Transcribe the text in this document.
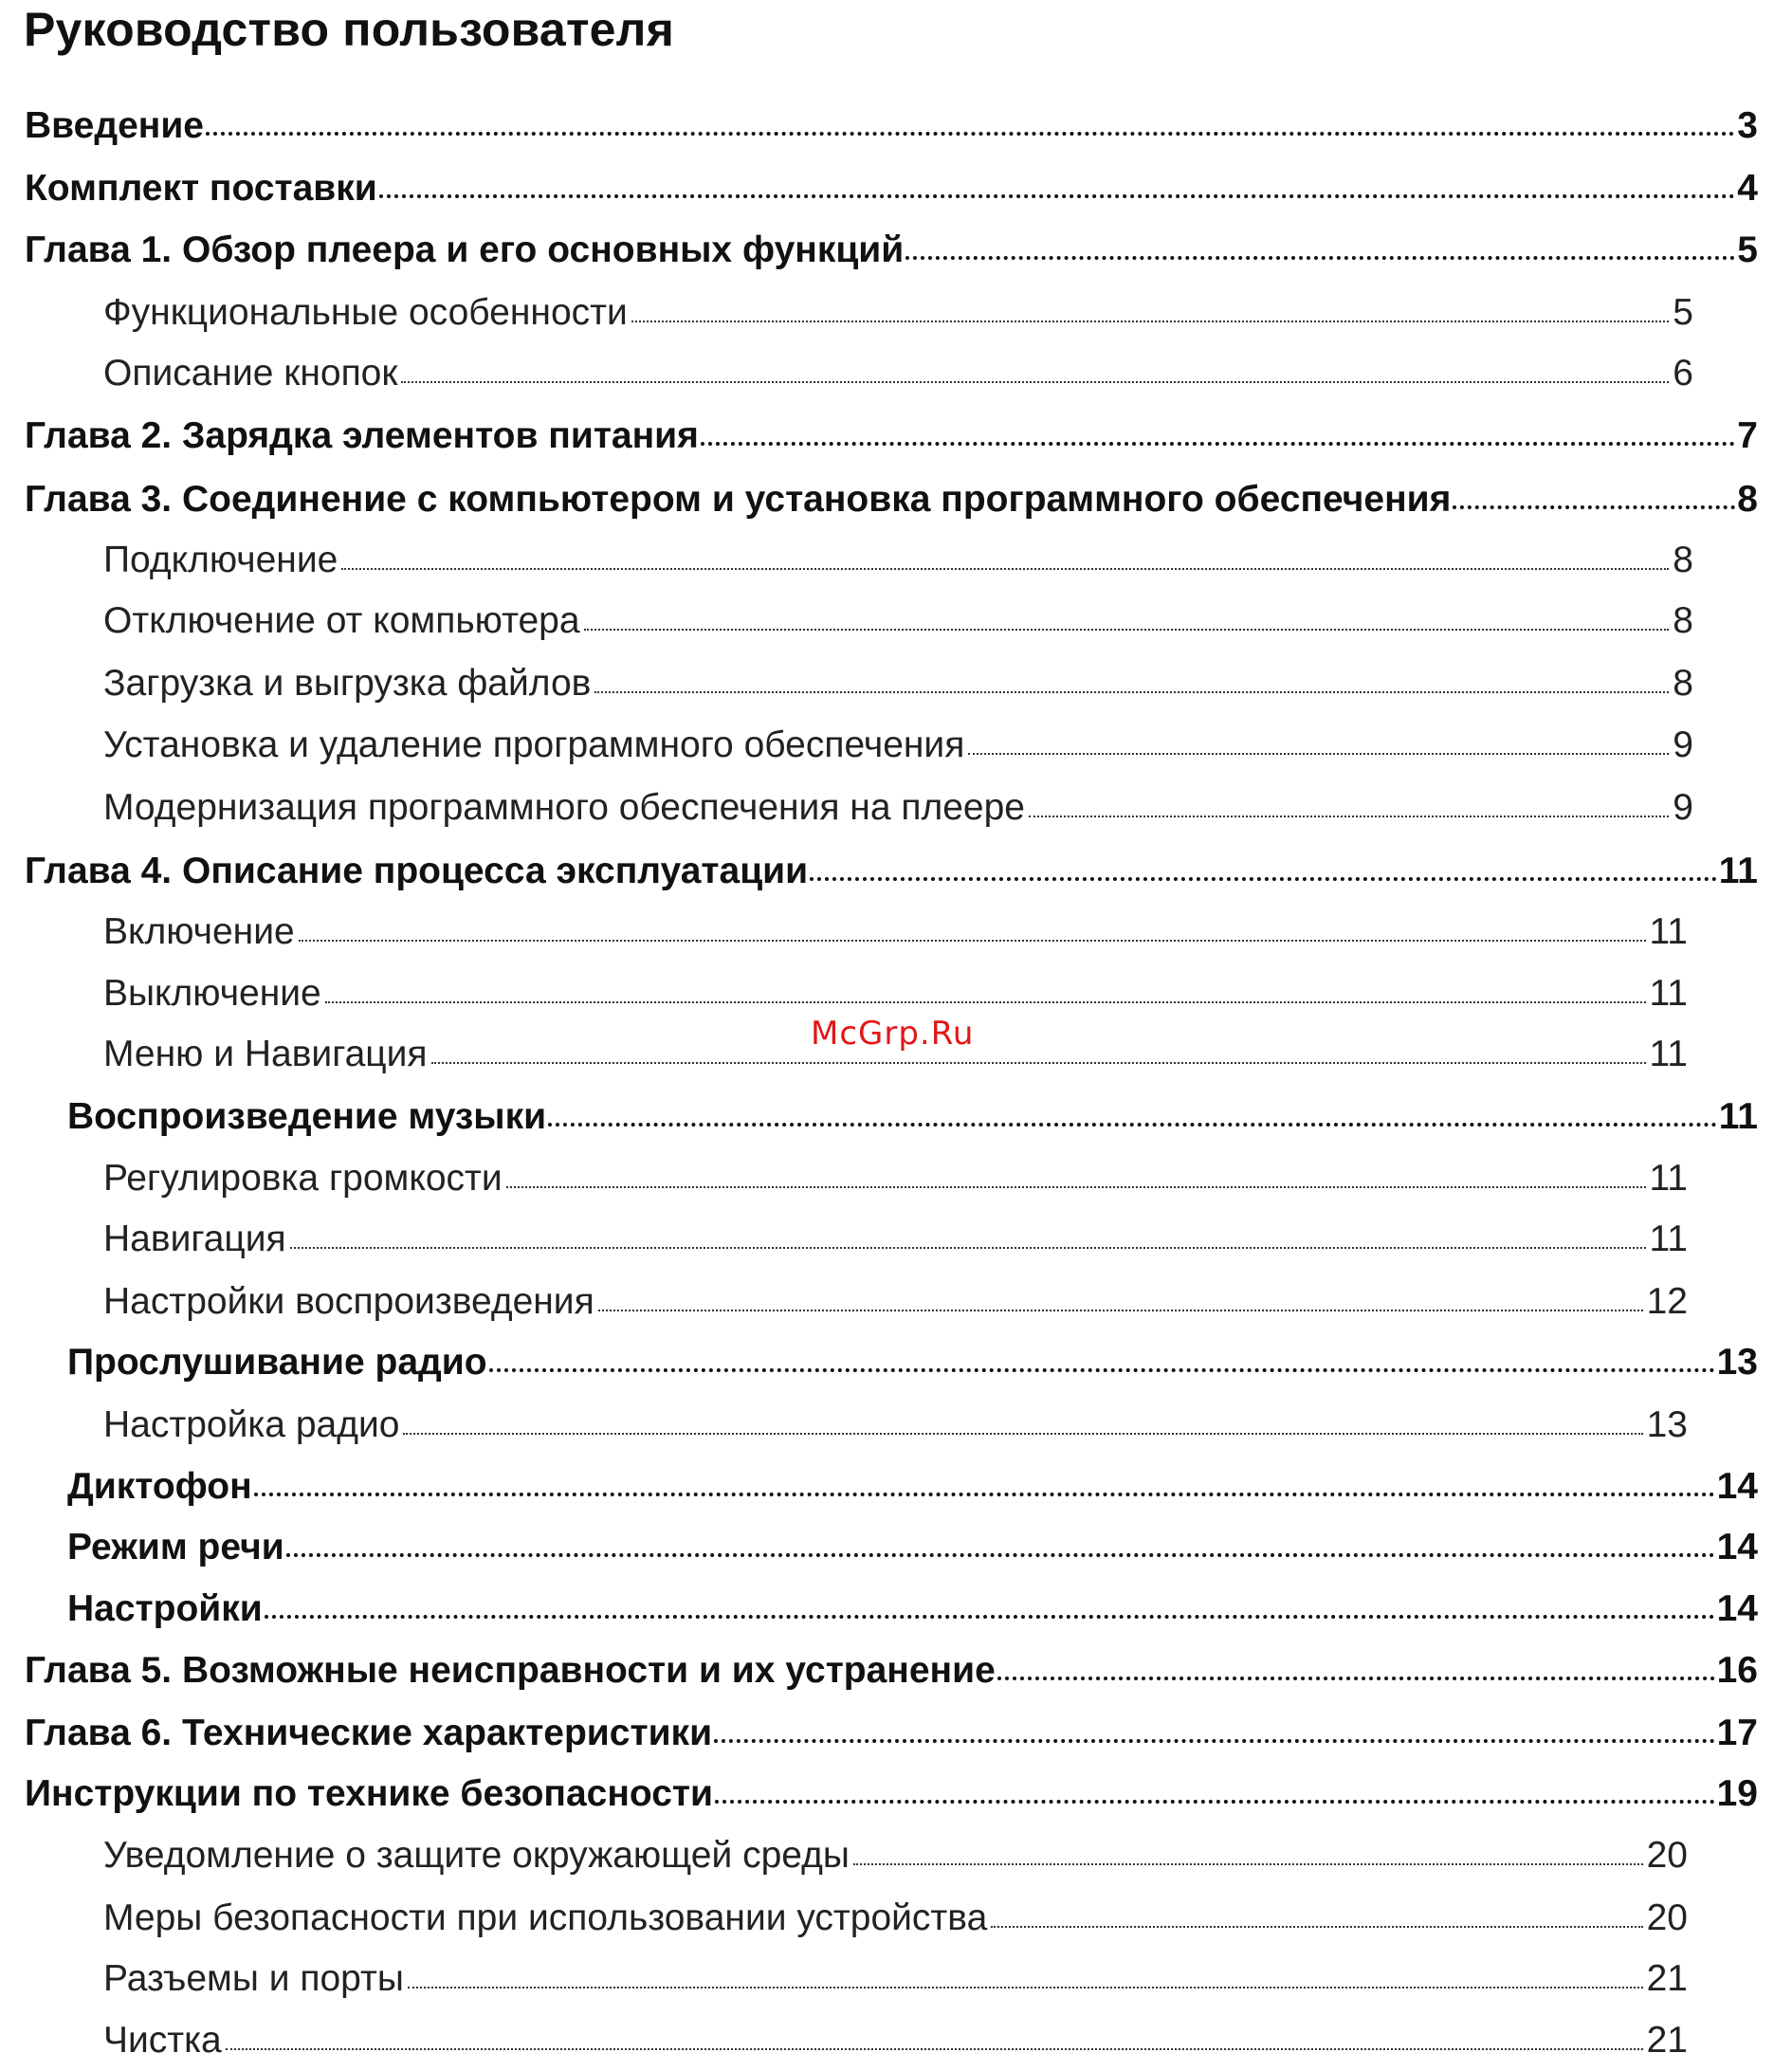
Руководство пользователя
Введение	3
Комплект поставки	4
Глава 1. Обзор плеера и его основных функций	5
Функциональные особенности	5
Описание кнопок	6
Глава 2. Зарядка элементов питания	7
Глава 3. Соединение с компьютером и установка программного обеспечения	8
Подключение	8
Отключение от компьютера	8
Загрузка и выгрузка файлов	8
Установка и удаление программного обеспечения	9
Модернизация программного обеспечения на плеере	9
Глава 4. Описание процесса эксплуатации	11
Включение	11
Выключение	11
Меню и Навигация	11
Воспроизведение музыки	11
Регулировка громкости	11
Навигация	11
Настройки воспроизведения	12
Прослушивание радио	13
Настройка радио	13
Диктофон	14
Режим речи	14
Настройки	14
Глава 5. Возможные неисправности и их устранение	16
Глава 6. Технические характеристики	17
Инструкции по технике безопасности	19
Уведомление о защите окружающей среды	20
Меры безопасности при использовании устройства	20
Разъемы и порты	21
Чистка	21
McGrp.Ru
